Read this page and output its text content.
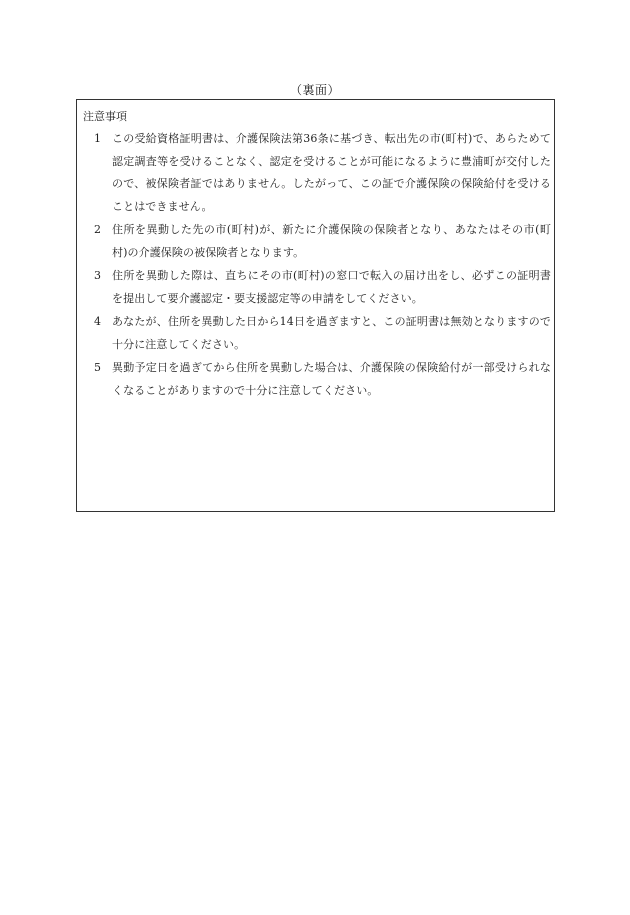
（裏面）
注意事項
1	この受給資格証明書は、介護保険法第36条に基づき、転出先の市(町村)で、あらためて認定調査等を受けることなく、認定を受けることが可能になるように豊浦町が交付したので、被保険者証ではありません。したがって、この証で介護保険の保険給付を受けることはできません。
2	住所を異動した先の市(町村)が、新たに介護保険の保険者となり、あなたはその市(町村)の介護保険の被保険者となります。
3	住所を異動した際は、直ちにその市(町村)の窓口で転入の届け出をし、必ずこの証明書を提出して要介護認定・要支援認定等の申請をしてください。
4	あなたが、住所を異動した日から14日を過ぎますと、この証明書は無効となりますので十分に注意してください。
5	異動予定日を過ぎてから住所を異動した場合は、介護保険の保険給付が一部受けられなくなることがありますので十分に注意してください。
